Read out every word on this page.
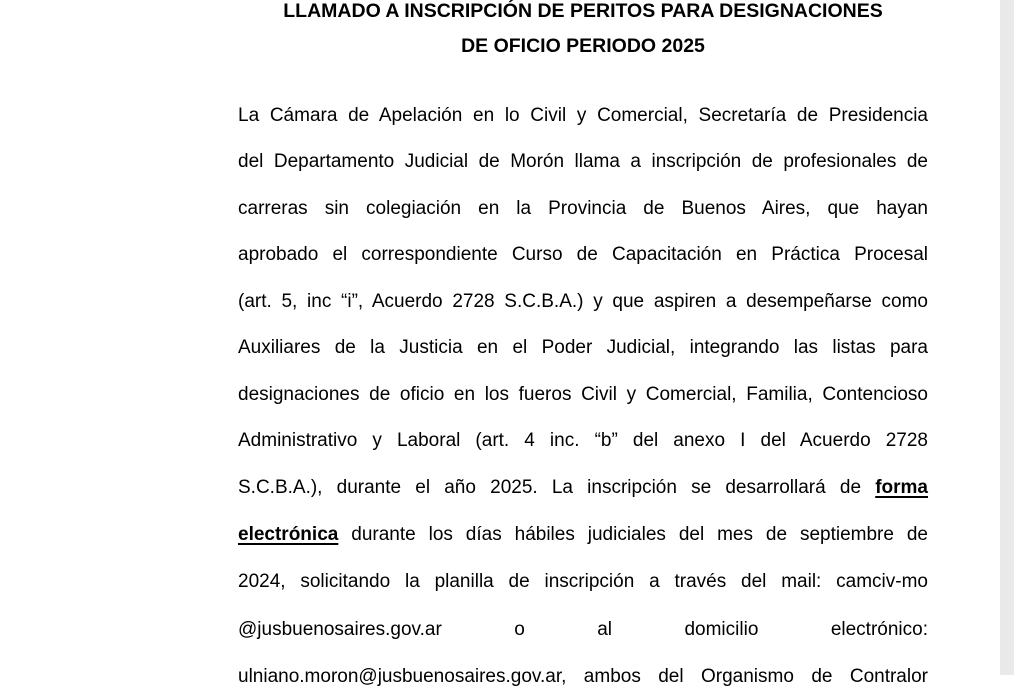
LLAMADO A INSCRIPCIÓN DE PERITOS PARA DESIGNACIONES
DE OFICIO PERIODO 2025
La Cámara de Apelación en lo Civil y Comercial, Secretaría de Presidencia
del Departamento Judicial de Morón llama a inscripción de profesionales de
carreras sin colegiación en la Provincia de Buenos Aires, que hayan
aprobado el correspondiente Curso de Capacitación en Práctica Procesal
(art. 5, inc “i”, Acuerdo 2728 S.C.B.A.) y que aspiren a desempeñarse como
Auxiliares de la Justicia en el Poder Judicial, integrando las listas para
designaciones de oficio en los fueros Civil y Comercial, Familia, Contencioso
Administrativo y Laboral (art. 4 inc. “b” del anexo I del Acuerdo 2728
S.C.B.A.), durante el año 2025. La inscripción se desarrollará de forma
electrónica durante los días hábiles judiciales del mes de septiembre de
2024, solicitando la planilla de inscripción a través del mail: camciv-mo
@jusbuenosaires.gov.ar	o	al	domicilio	electrónico:
ulniano.moron@jusbuenosaires.gov.ar, ambos del Organismo de Contralor
